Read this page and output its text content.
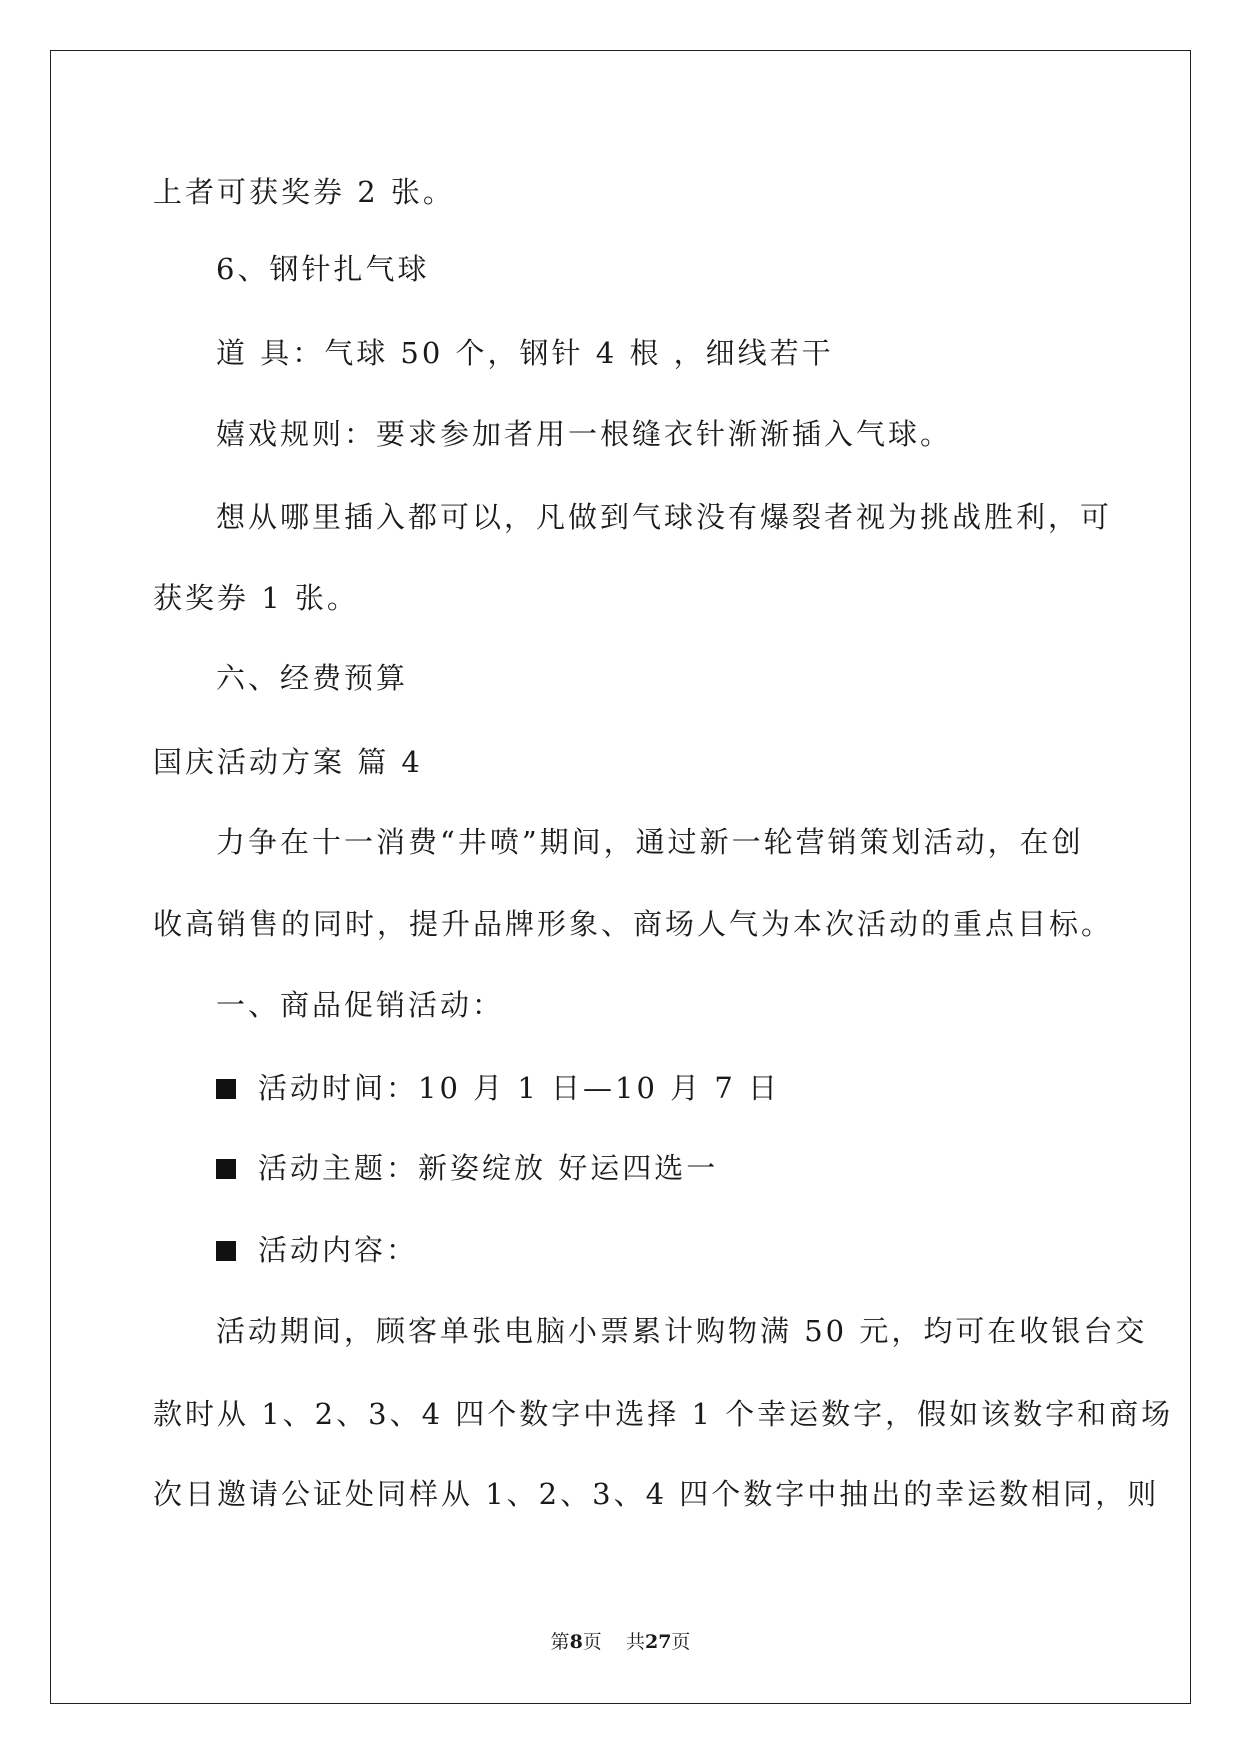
上者可获奖券 2 张。
6、钢针扎气球
道 具：气球 50 个，钢针 4 根 ，细线若干
嬉戏规则：要求参加者用一根缝衣针渐渐插入气球。
想从哪里插入都可以，凡做到气球没有爆裂者视为挑战胜利，可
获奖券 1 张。
六、经费预算
国庆活动方案 篇 4
力争在十一消费“井喷”期间，通过新一轮营销策划活动，在创
收高销售的同时，提升品牌形象、商场人气为本次活动的重点目标。
一、商品促销活动：
活动时间：10 月 1 日—10 月 7 日
活动主题：新姿绽放 好运四选一
活动内容：
活动期间，顾客单张电脑小票累计购物满 50 元，均可在收银台交
款时从 1、2、3、4 四个数字中选择 1 个幸运数字，假如该数字和商场
次日邀请公证处同样从 1、2、3、4 四个数字中抽出的幸运数相同，则
第8页    共27页
